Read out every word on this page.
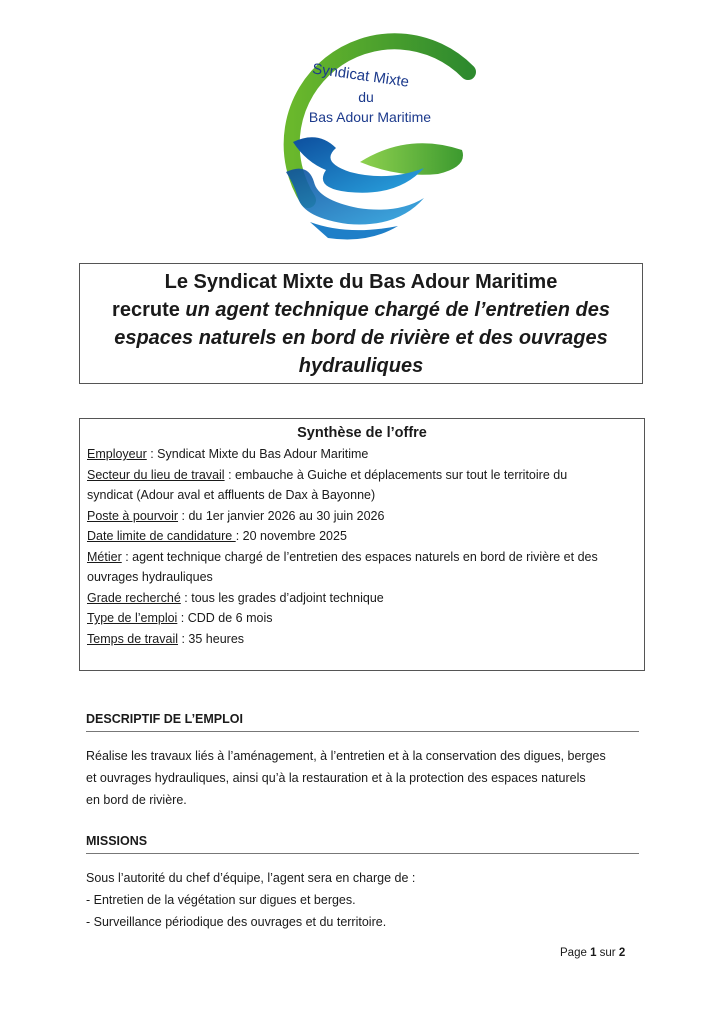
Syndicat Mixte
du
Bas Adour Maritime
Le Syndicat Mixte du Bas Adour Maritime
recrute un agent technique chargé de l’entretien des
espaces naturels en bord de rivière et des ouvrages
hydrauliques
Synthèse de l’offre
Employeur : Syndicat Mixte du Bas Adour Maritime
Secteur du lieu de travail : embauche à Guiche et déplacements sur tout le territoire du
syndicat (Adour aval et affluents de Dax à Bayonne)
Poste à pourvoir : du 1er janvier 2026 au 30 juin 2026
Date limite de candidature : 20 novembre 2025
Métier : agent technique chargé de l’entretien des espaces naturels en bord de rivière et des
ouvrages hydrauliques
Grade recherché : tous les grades d’adjoint technique
Type de l’emploi : CDD de 6 mois
Temps de travail : 35 heures
DESCRIPTIF DE L’EMPLOI
Réalise les travaux liés à l’aménagement, à l’entretien et à la conservation des digues, berges
et ouvrages hydrauliques, ainsi qu’à la restauration et à la protection des espaces naturels
en bord de rivière.
MISSIONS
Sous l’autorité du chef d’équipe, l’agent sera en charge de :
- Entretien de la végétation sur digues et berges.
- Surveillance périodique des ouvrages et du territoire.
Page 1 sur 2
